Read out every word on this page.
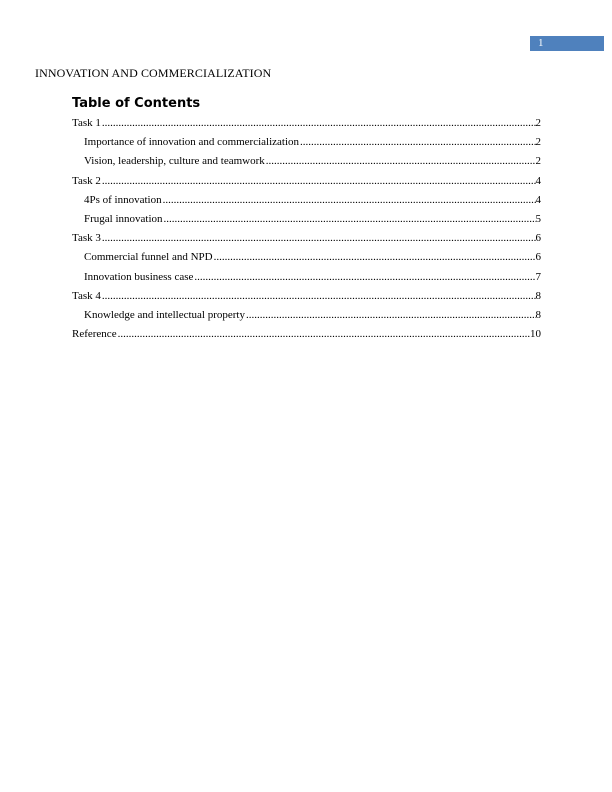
1
INNOVATION AND COMMERCIALIZATION
Table of Contents
Task 1 .....	2
Importance of innovation and commercialization .....	2
Vision, leadership, culture and teamwork .....	2
Task 2 .....	4
4Ps of innovation .....	4
Frugal innovation .....	5
Task 3 .....	6
Commercial funnel and NPD .....	6
Innovation business case .....	7
Task 4 .....	8
Knowledge and intellectual property .....	8
Reference .....	10
